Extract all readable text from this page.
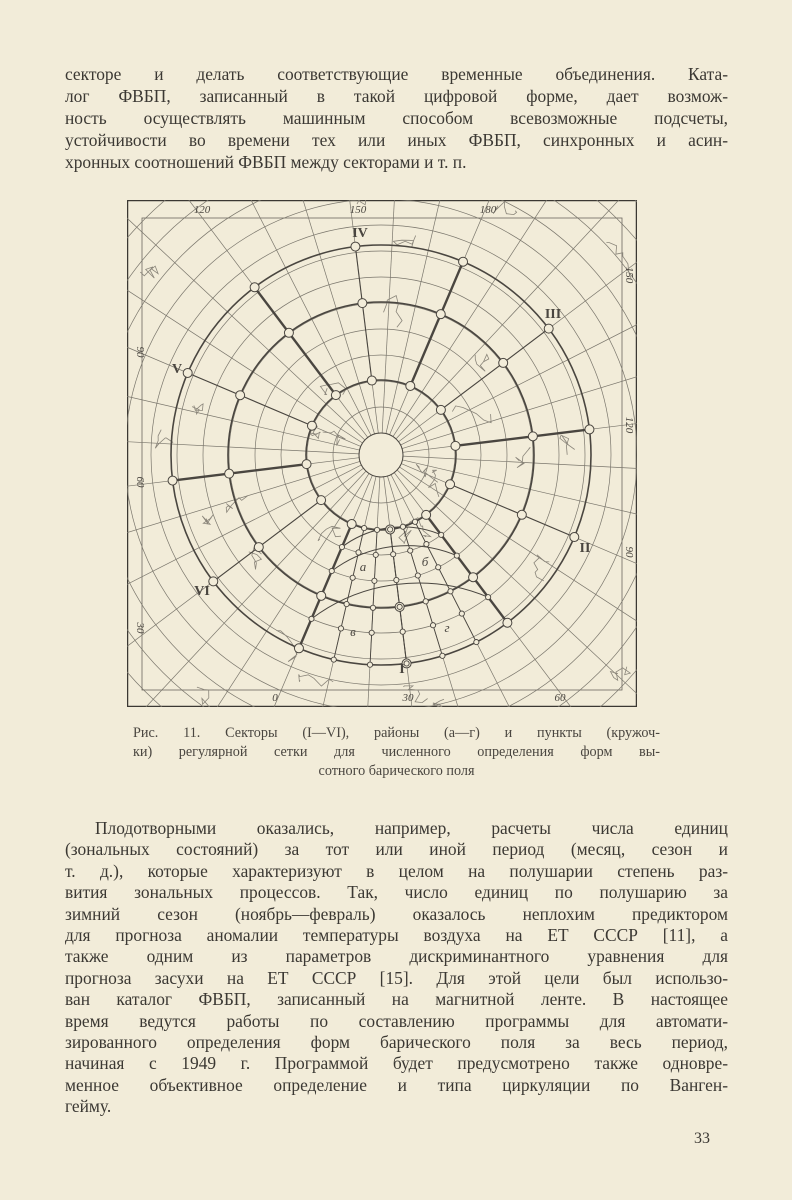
секторе и делать соответствующие временные объединения. Ката-
лог ФВБП, записанный в такой цифровой форме, дает возмож-
ность осуществлять машинным способом всевозможные подсчеты,
устойчивости во времени тех или иных ФВБП, синхронных и асин-
хронных соотношений ФВБП между секторами и т. п.
120	150	180
150
120
90
0	30	60
90
60
30
I
II
III
IV
V
VI
а	б
в	г
Рис. 11. Секторы (I—VI), районы (а—г) и пункты (кружоч-
ки) регулярной сетки для численного определения форм вы-
сотного барического поля
Плодотворными оказались, например, расчеты числа единиц
(зональных состояний) за тот или иной период (месяц, сезон и
т. д.), которые характеризуют в целом на полушарии степень раз-
вития зональных процессов. Так, число единиц по полушарию за
зимний сезон (ноябрь—февраль) оказалось неплохим предиктором
для прогноза аномалии температуры воздуха на ЕТ СССР [11], а
также одним из параметров дискриминантного уравнения для
прогноза засухи на ЕТ СССР [15]. Для этой цели был использо-
ван каталог ФВБП, записанный на магнитной ленте. В настоящее
время ведутся работы по составлению программы для автомати-
зированного определения форм барического поля за весь период,
начиная с 1949 г. Программой будет предусмотрено также одновре-
менное объективное определение и типа циркуляции по Ванген-
гейму.
33
